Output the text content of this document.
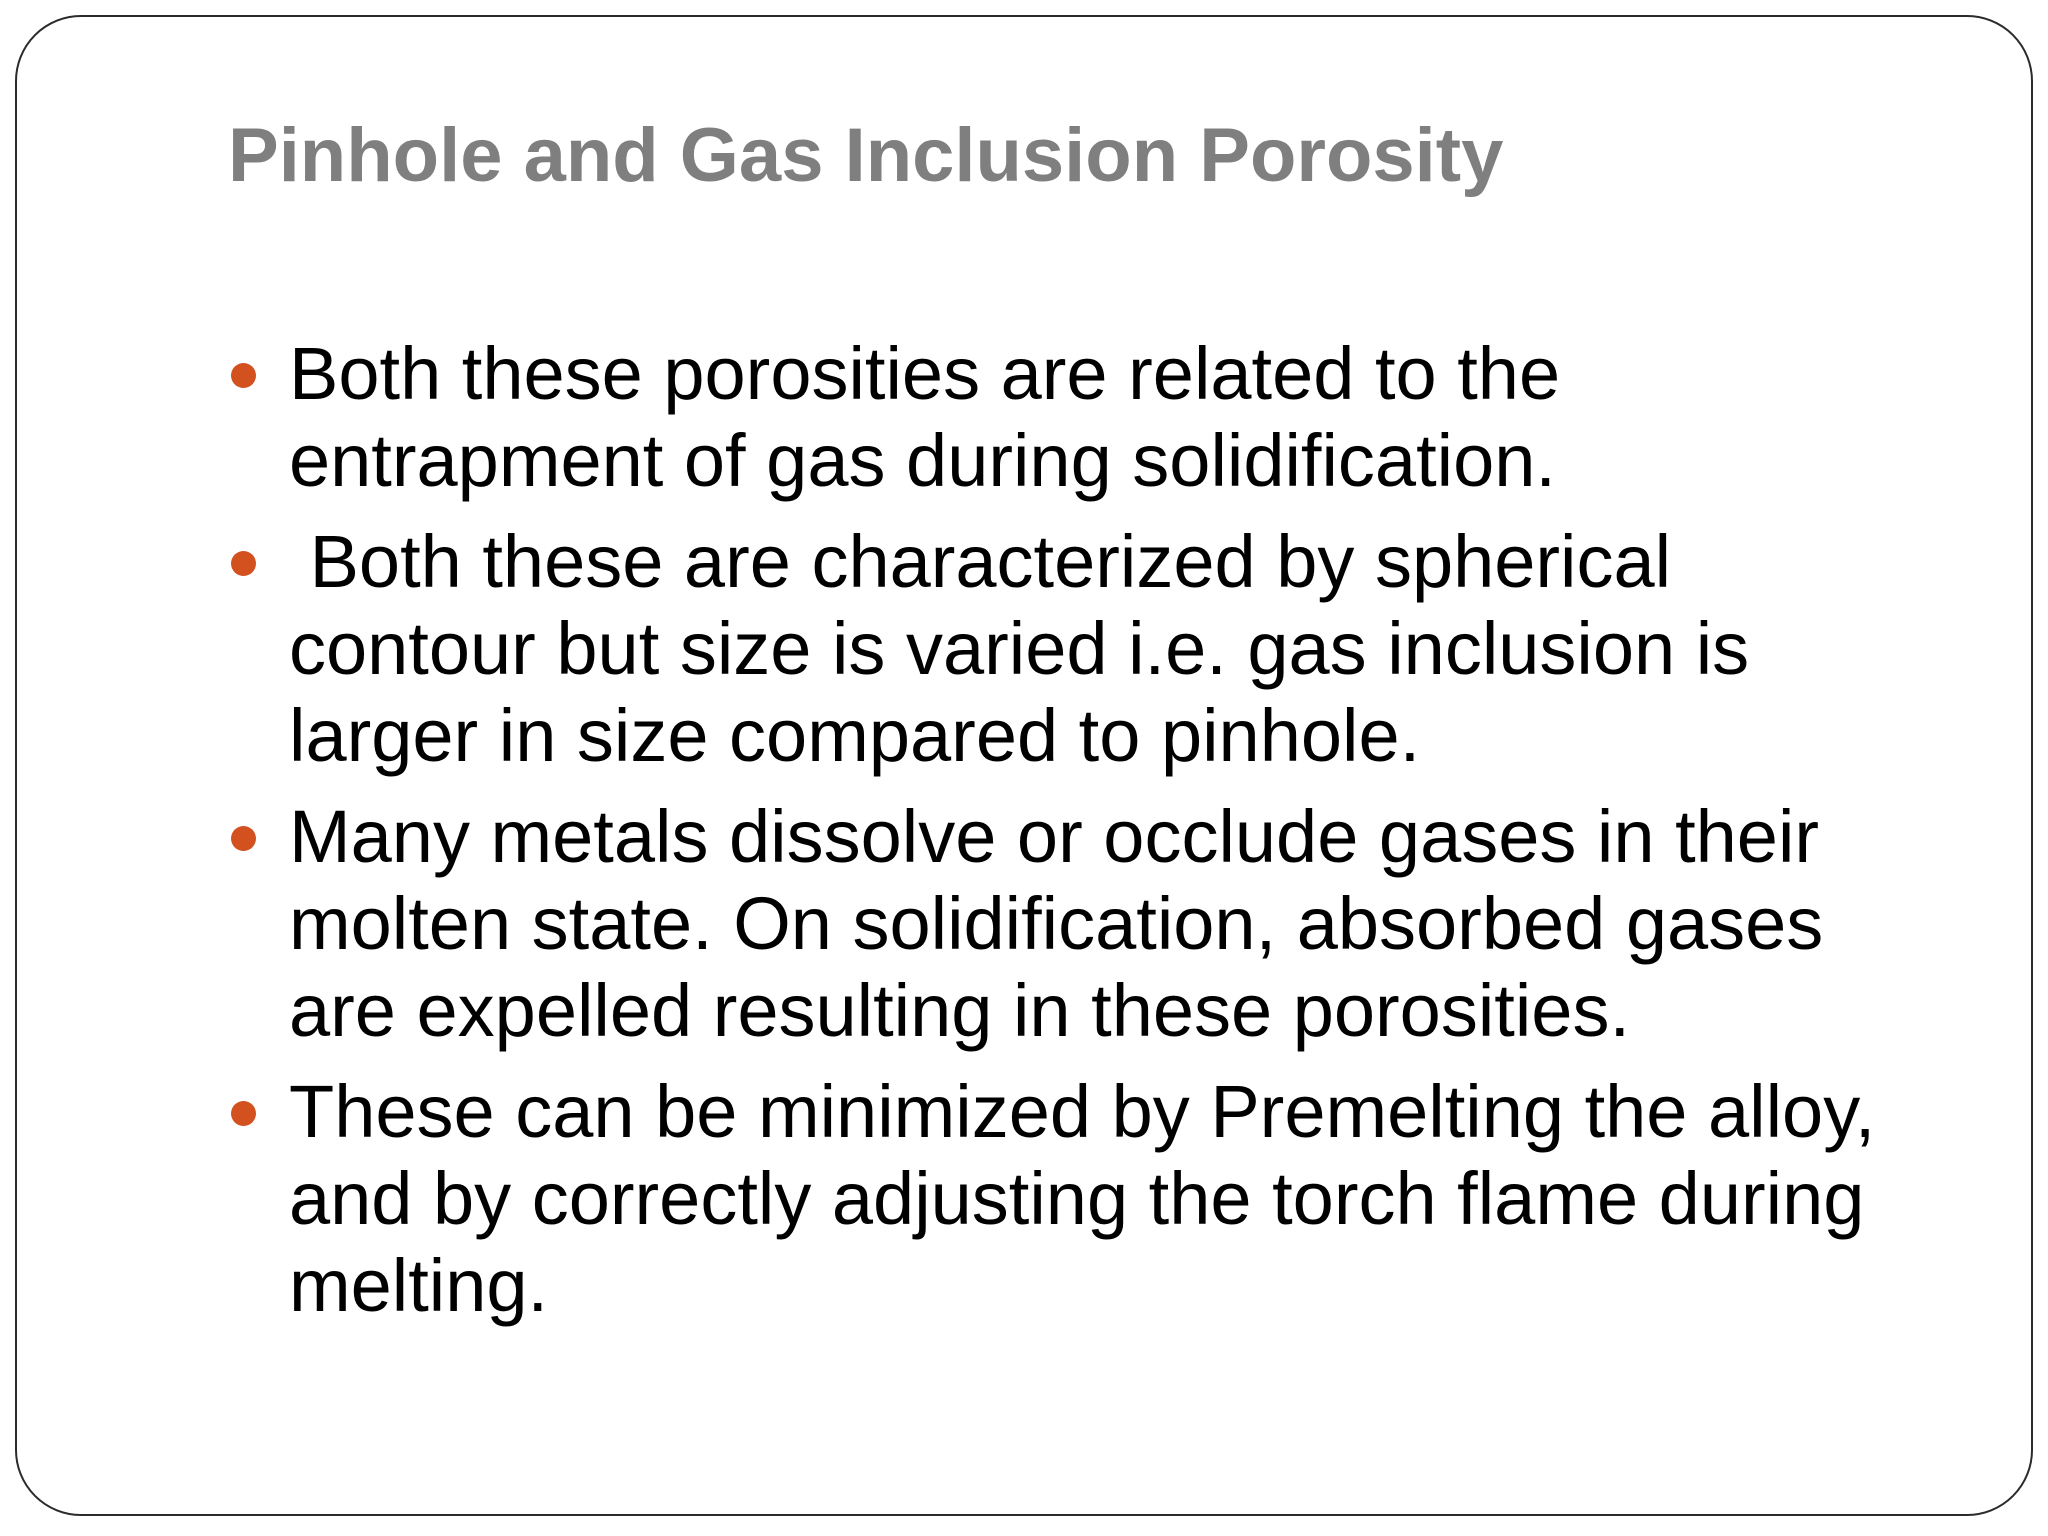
Pinhole and Gas Inclusion Porosity
Both these porosities are related to the entrapment of gas during solidification.
Both these are characterized by spherical contour but size is varied i.e. gas inclusion is larger in size compared to pinhole.
Many metals dissolve or occlude gases in their molten state. On solidification, absorbed gases are expelled resulting in these porosities.
These can be minimized by Premelting the alloy, and by correctly adjusting the torch flame during melting.
